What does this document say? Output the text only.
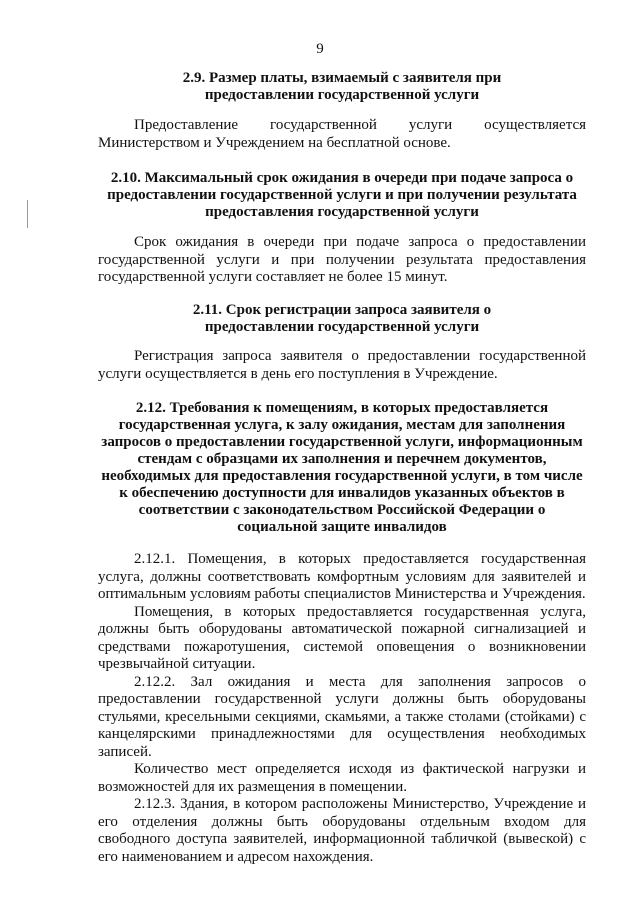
9

2.9. Размер платы, взимаемый с заявителя при предоставлении государственной услуги

Предоставление государственной услуги осуществляется Министерством и Учреждением на бесплатной основе.

2.10. Максимальный срок ожидания в очереди при подаче запроса о предоставлении государственной услуги и при получении результата предоставления государственной услуги

Срок ожидания в очереди при подаче запроса о предоставлении государственной услуги и при получении результата предоставления государственной услуги составляет не более 15 минут.

2.11. Срок регистрации запроса заявителя о предоставлении государственной услуги

Регистрация запроса заявителя о предоставлении государственной услуги осуществляется в день его поступления в Учреждение.

2.12. Требования к помещениям, в которых предоставляется государственная услуга, к залу ожидания, местам для заполнения запросов о предоставлении государственной услуги, информационным стендам с образцами их заполнения и перечнем документов, необходимых для предоставления государственной услуги, в том числе к обеспечению доступности для инвалидов указанных объектов в соответствии с законодательством Российской Федерации о социальной защите инвалидов

2.12.1. Помещения, в которых предоставляется государственная услуга, должны соответствовать комфортным условиям для заявителей и оптимальным условиям работы специалистов Министерства и Учреждения.

Помещения, в которых предоставляется государственная услуга, должны быть оборудованы автоматической пожарной сигнализацией и средствами пожаротушения, системой оповещения о возникновении чрезвычайной ситуации.

2.12.2. Зал ожидания и места для заполнения запросов о предоставлении государственной услуги должны быть оборудованы стульями, кресельными секциями, скамьями, а также столами (стойками) с канцелярскими принадлежностями для осуществления необходимых записей.

Количество мест определяется исходя из фактической нагрузки и возможностей для их размещения в помещении.

2.12.3. Здания, в котором расположены Министерство, Учреждение и его отделения должны быть оборудованы отдельным входом для свободного доступа заявителей, информационной табличкой (вывеской) с его наименованием и адресом нахождения.
